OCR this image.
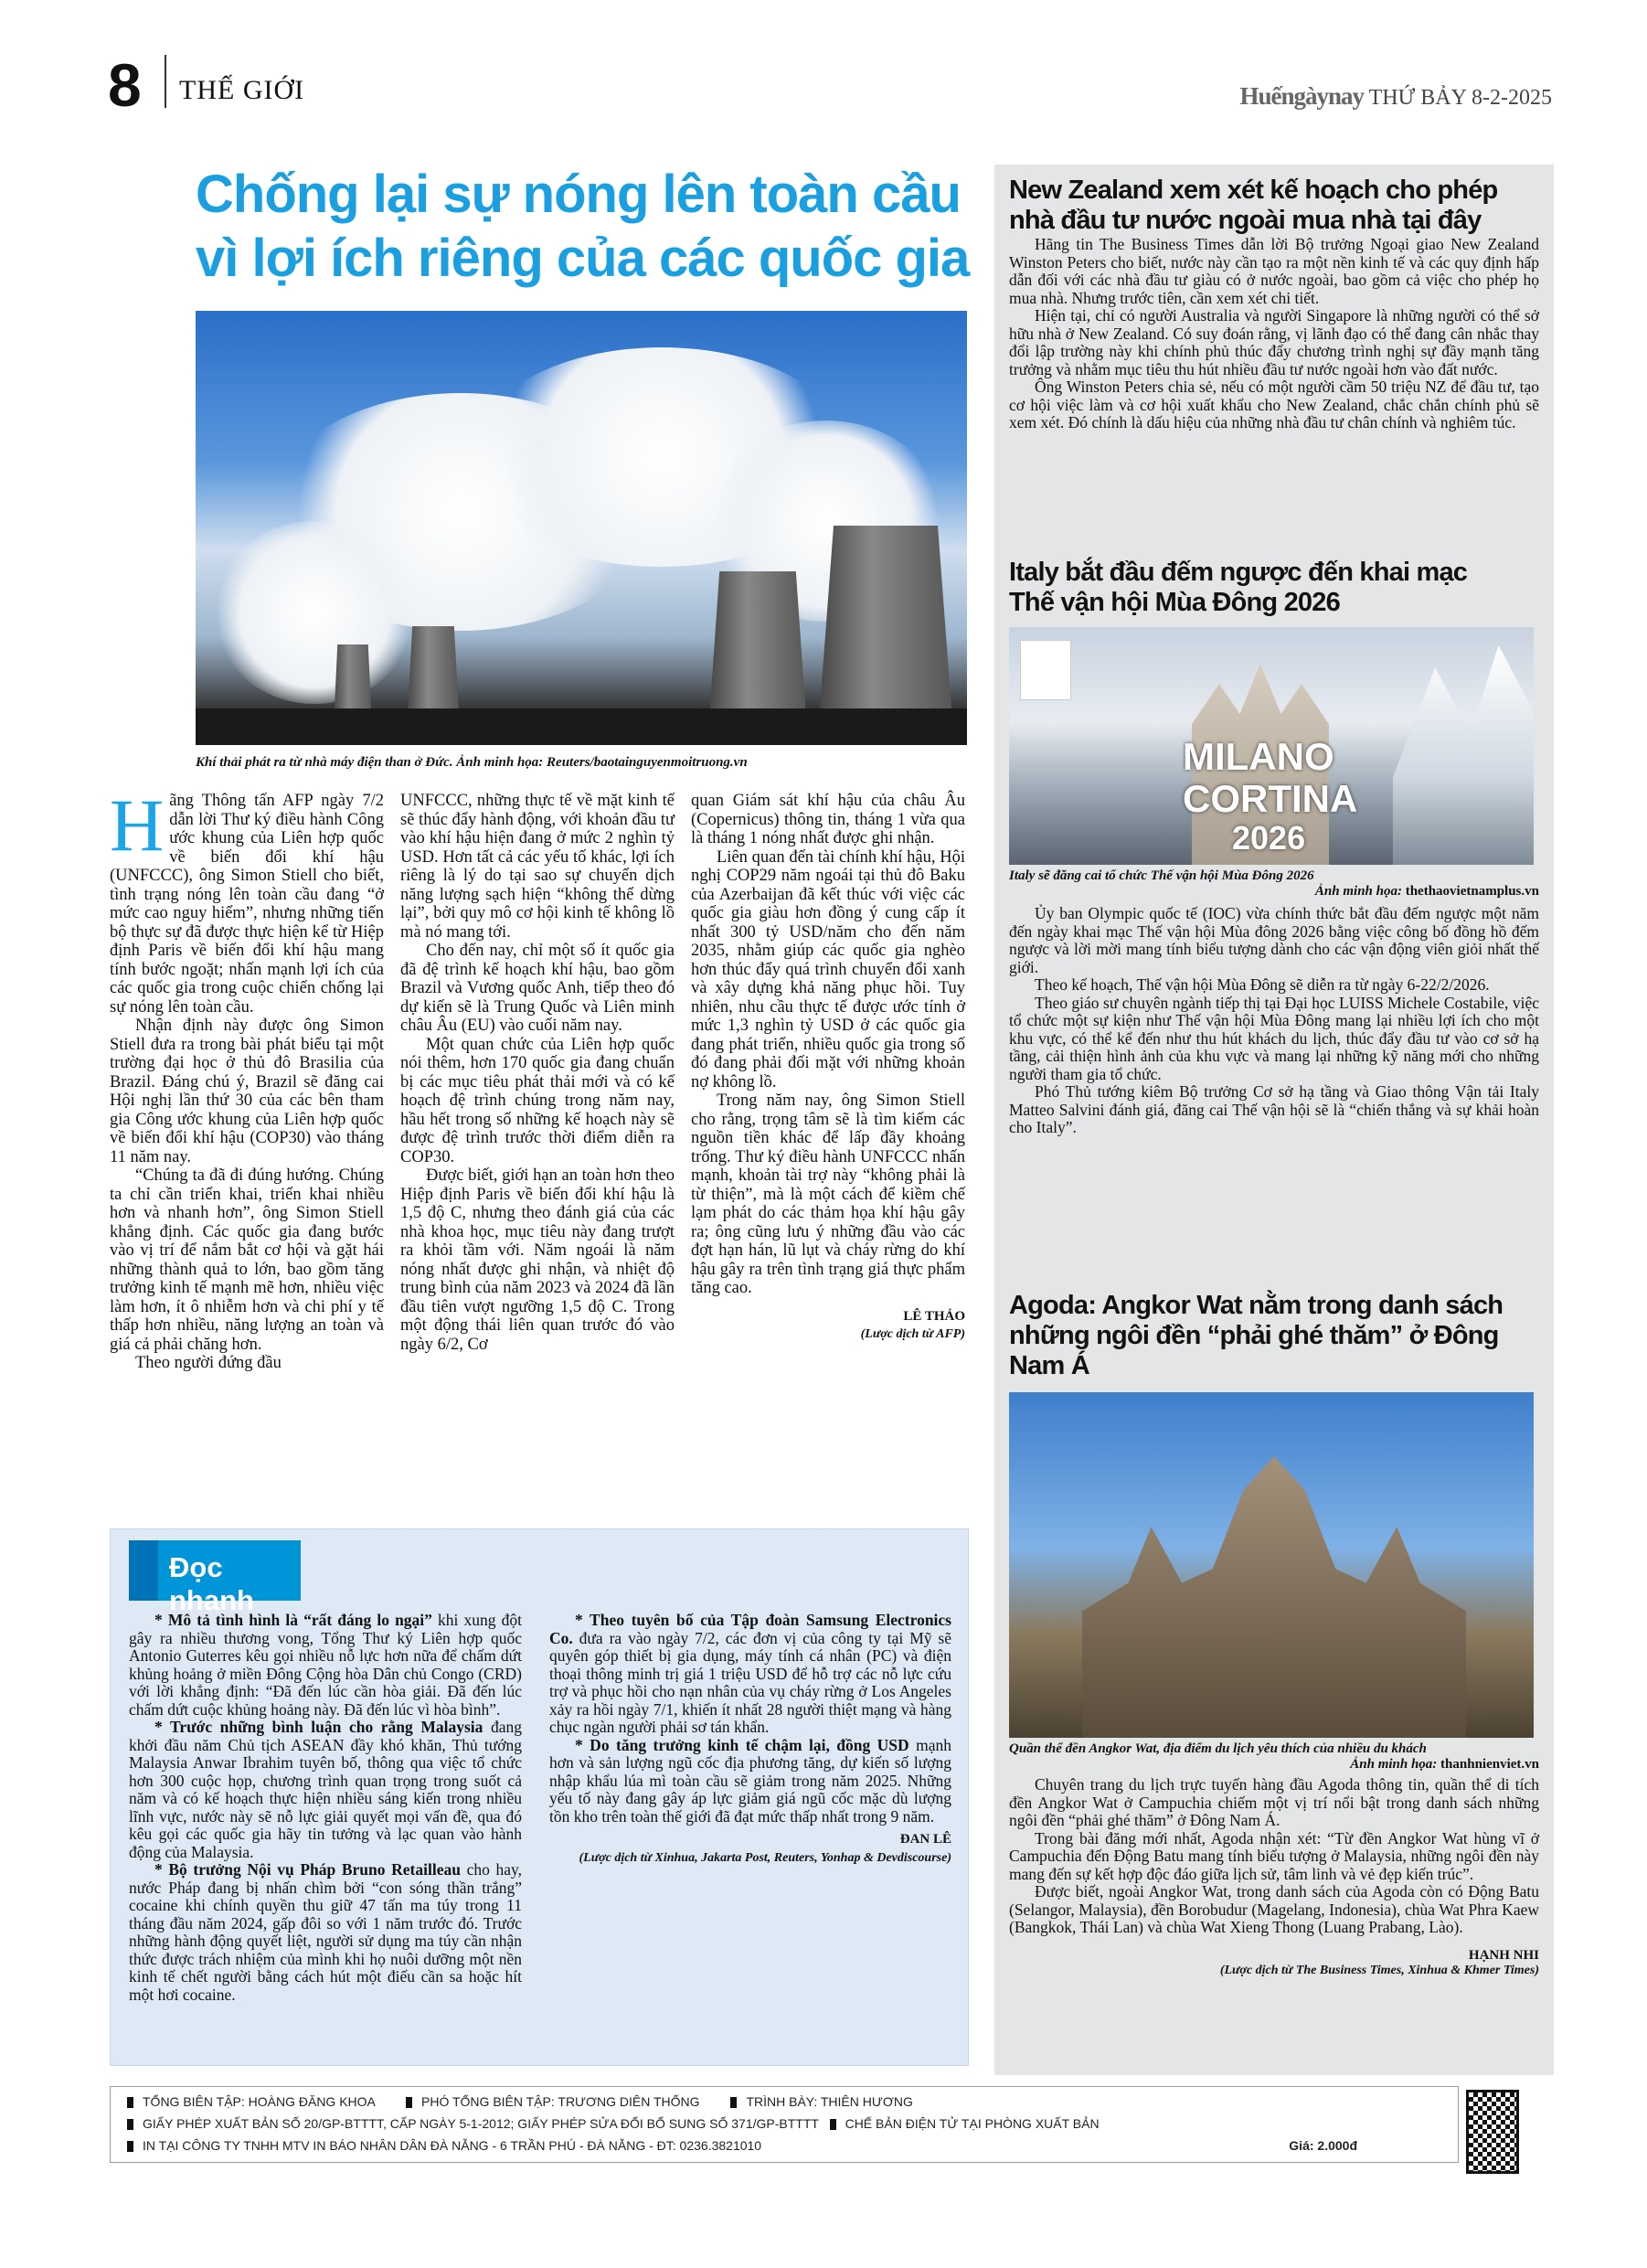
8 THẾ GIỚI	Huếngàynay THỨ BẢY 8-2-2025
Chống lại sự nóng lên toàn cầu
vì lợi ích riêng của các quốc gia
Khí thải phát ra từ nhà máy điện than ở Đức. Ảnh minh họa: Reuters/baotainguyenmoitruong.vn
H ãng Thông tấn AFP ngày 7/2 dẫn lời Thư ký điều hành Công ước khung của Liên hợp quốc về biến đổi khí hậu (UNFCCC), ông Simon Stiell cho biết, tình trạng nóng lên toàn cầu đang “ở mức cao nguy hiểm”, nhưng những tiến bộ thực sự đã được thực hiện kể từ Hiệp định Paris về biến đổi khí hậu mang tính bước ngoặt; nhấn mạnh lợi ích của các quốc gia trong cuộc chiến chống lại sự nóng lên toàn cầu.

Nhận định này được ông Simon Stiell đưa ra trong bài phát biểu tại một trường đại học ở thủ đô Brasilia của Brazil. Đáng chú ý, Brazil sẽ đăng cai Hội nghị lần thứ 30 của các bên tham gia Công ước khung của Liên hợp quốc về biến đổi khí hậu (COP30) vào tháng 11 năm nay.

“Chúng ta đã đi đúng hướng. Chúng ta chỉ cần triển khai, triển khai nhiều hơn và nhanh hơn”, ông Simon Stiell khẳng định. Các quốc gia đang bước vào vị trí để nắm bắt cơ hội và gặt hái những thành quả to lớn, bao gồm tăng trưởng kinh tế mạnh mẽ hơn, nhiều việc làm hơn, ít ô nhiễm hơn và chi phí y tế thấp hơn nhiều, năng lượng an toàn và giá cả phải chăng hơn.

Theo người đứng đầu

UNFCCC, những thực tế về mặt kinh tế sẽ thúc đẩy hành động, với khoản đầu tư vào khí hậu hiện đang ở mức 2 nghìn tỷ USD. Hơn tất cả các yếu tố khác, lợi ích riêng là lý do tại sao sự chuyển dịch năng lượng sạch hiện “không thể dừng lại”, bởi quy mô cơ hội kinh tế không lồ mà nó mang tới.

Cho đến nay, chỉ một số ít quốc gia đã đệ trình kế hoạch khí hậu, bao gồm Brazil và Vương quốc Anh, tiếp theo đó dự kiến sẽ là Trung Quốc và Liên minh châu Âu (EU) vào cuối năm nay.

Một quan chức của Liên hợp quốc nói thêm, hơn 170 quốc gia đang chuẩn bị các mục tiêu phát thải mới và có kế hoạch đệ trình chúng trong năm nay, hầu hết trong số những kế hoạch này sẽ được đệ trình trước thời điểm diễn ra COP30.

Được biết, giới hạn an toàn hơn theo Hiệp định Paris về biến đổi khí hậu là 1,5 độ C, nhưng theo đánh giá của các nhà khoa học, mục tiêu này đang trượt ra khỏi tầm với. Năm ngoái là năm nóng nhất được ghi nhận, và nhiệt độ trung bình của năm 2023 và 2024 đã lần đầu tiên vượt ngưỡng 1,5 độ C. Trong một động thái liên quan trước đó vào ngày 6/2, Cơ

quan Giám sát khí hậu của châu Âu (Copernicus) thông tin, tháng 1 vừa qua là tháng 1 nóng nhất được ghi nhận.

Liên quan đến tài chính khí hậu, Hội nghị COP29 năm ngoái tại thủ đô Baku của Azerbaijan đã kết thúc với việc các quốc gia giàu hơn đồng ý cung cấp ít nhất 300 tỷ USD/năm cho đến năm 2035, nhằm giúp các quốc gia nghèo hơn thúc đẩy quá trình chuyển đổi xanh và xây dựng khả năng phục hồi. Tuy nhiên, nhu cầu thực tế được ước tính ở mức 1,3 nghìn tỷ USD ở các quốc gia đang phát triển, nhiều quốc gia trong số đó đang phải đối mặt với những khoản nợ không lồ.

Trong năm nay, ông Simon Stiell cho rằng, trọng tâm sẽ là tìm kiếm các nguồn tiền khác để lấp đầy khoảng trống. Thư ký điều hành UNFCCC nhấn mạnh, khoản tài trợ này “không phải là từ thiện”, mà là một cách để kiềm chế lạm phát do các thảm họa khí hậu gây ra; ông cũng lưu ý những đầu vào các đợt hạn hán, lũ lụt và cháy rừng do khí hậu gây ra trên tình trạng giá thực phẩm tăng cao.

LÊ THẢO
(Lược dịch từ AFP)
Đọc nhanh

* Mô tả tình hình là “rất đáng lo ngại” khi xung đột gây ra nhiều thương vong, Tổng Thư ký Liên hợp quốc Antonio Guterres kêu gọi nhiều nỗ lực hơn nữa để chấm dứt khủng hoảng ở miền Đông Cộng hòa Dân chủ Congo (CRD) với lời khẳng định: “Đã đến lúc cần hòa giải. Đã đến lúc chấm dứt cuộc khủng hoảng này. Đã đến lúc vì hòa bình”.

* Trước những bình luận cho rằng Malaysia đang khởi đầu năm Chủ tịch ASEAN đầy khó khăn, Thủ tướng Malaysia Anwar Ibrahim tuyên bố, thông qua việc tổ chức hơn 300 cuộc họp, chương trình quan trọng trong suốt cả năm và có kế hoạch thực hiện nhiều sáng kiến trong nhiều lĩnh vực, nước này sẽ nỗ lực giải quyết mọi vấn đề, qua đó kêu gọi các quốc gia hãy tin tưởng và lạc quan vào hành động của Malaysia.

* Bộ trưởng Nội vụ Pháp Bruno Retailleau cho hay, nước Pháp đang bị nhấn chìm bởi “con sóng thần trắng” cocaine khi chính quyền thu giữ 47 tấn ma túy trong 11 tháng đầu năm 2024, gấp đôi so với 1 năm trước đó. Trước những hành động quyết liệt, người sử dụng ma túy cần nhận thức được trách nhiệm của mình khi họ nuôi dưỡng một nền kinh tế chết người bằng cách hút một điếu cần sa hoặc hít một hơi cocaine.

* Theo tuyên bố của Tập đoàn Samsung Electronics Co. đưa ra vào ngày 7/2, các đơn vị của công ty tại Mỹ sẽ quyên góp thiết bị gia dụng, máy tính cá nhân (PC) và điện thoại thông minh trị giá 1 triệu USD để hỗ trợ các nỗ lực cứu trợ và phục hồi cho nạn nhân của vụ cháy rừng ở Los Angeles xảy ra hồi ngày 7/1, khiến ít nhất 28 người thiệt mạng và hàng chục ngàn người phải sơ tán khẩn.

* Do tăng trưởng kinh tế chậm lại, đồng USD mạnh hơn và sản lượng ngũ cốc địa phương tăng, dự kiến số lượng nhập khẩu lúa mì toàn cầu sẽ giảm trong năm 2025. Những yếu tố này đang gây áp lực giảm giá ngũ cốc mặc dù lượng tồn kho trên toàn thế giới đã đạt mức thấp nhất trong 9 năm.

ĐAN LÊ
(Lược dịch từ Xinhua, Jakarta Post, Reuters, Yonhap & Devdiscourse)
New Zealand xem xét kế hoạch cho phép
nhà đầu tư nước ngoài mua nhà tại đây

Hãng tin The Business Times dẫn lời Bộ trưởng Ngoại giao New Zealand Winston Peters cho biết, nước này cần tạo ra một nền kinh tế và các quy định hấp dẫn đối với các nhà đầu tư giàu có ở nước ngoài, bao gồm cả việc cho phép họ mua nhà. Nhưng trước tiên, cần xem xét chi tiết.

Hiện tại, chỉ có người Australia và người Singapore là những người có thể sở hữu nhà ở New Zealand. Có suy đoán rằng, vị lãnh đạo có thể đang cân nhắc thay đổi lập trường này khi chính phủ thúc đẩy chương trình nghị sự đầy mạnh tăng trưởng và nhằm mục tiêu thu hút nhiều đầu tư nước ngoài hơn vào đất nước.

Ông Winston Peters chia sẻ, nếu có một người cầm 50 triệu NZ để đầu tư, tạo cơ hội việc làm và cơ hội xuất khẩu cho New Zealand, chắc chắn chính phủ sẽ xem xét. Đó chính là dấu hiệu của những nhà đầu tư chân chính và nghiêm túc.

Italy bắt đầu đếm ngược đến khai mạc
Thế vận hội Mùa Đông 2026
MILANO
CORTINA
2026
Italy sẽ đăng cai tổ chức Thế vận hội Mùa Đông 2026
Ảnh minh họa: thethaovietnamplus.vn

Ủy ban Olympic quốc tế (IOC) vừa chính thức bắt đầu đếm ngược một năm đến ngày khai mạc Thế vận hội Mùa đông 2026 bằng việc công bố đồng hồ đếm ngược và lời mời mang tính biểu tượng dành cho các vận động viên giỏi nhất thế giới.

Theo kế hoạch, Thế vận hội Mùa Đông sẽ diễn ra từ ngày 6-22/2/2026.

Theo giáo sư chuyên ngành tiếp thị tại Đại học LUISS Michele Costabile, việc tổ chức một sự kiện như Thế vận hội Mùa Đông mang lại nhiều lợi ích cho một khu vực, có thể kể đến như thu hút khách du lịch, thúc đẩy đầu tư vào cơ sở hạ tầng, cải thiện hình ảnh của khu vực và mang lại những kỹ năng mới cho những người tham gia tổ chức.

Phó Thủ tướng kiêm Bộ trưởng Cơ sở hạ tầng và Giao thông Vận tải Italy Matteo Salvini đánh giá, đăng cai Thế vận hội sẽ là “chiến thắng và sự khải hoàn cho Italy”.

Agoda: Angkor Wat nằm trong danh sách
những ngôi đền “phải ghé thăm” ở Đông Nam Á
Quần thể đền Angkor Wat, địa điểm du lịch yêu thích của nhiều du khách
Ảnh minh họa: thanhnienviet.vn

Chuyên trang du lịch trực tuyến hàng đầu Agoda thông tin, quần thể di tích đền Angkor Wat ở Campuchia chiếm một vị trí nổi bật trong danh sách những ngôi đền “phải ghé thăm” ở Đông Nam Á.

Trong bài đăng mới nhất, Agoda nhận xét: “Từ đền Angkor Wat hùng vĩ ở Campuchia đến Động Batu mang tính biểu tượng ở Malaysia, những ngôi đền này mang đến sự kết hợp độc đáo giữa lịch sử, tâm linh và vẻ đẹp kiến trúc”.

Được biết, ngoài Angkor Wat, trong danh sách của Agoda còn có Động Batu (Selangor, Malaysia), đền Borobudur (Magelang, Indonesia), chùa Wat Phra Kaew (Bangkok, Thái Lan) và chùa Wat Xieng Thong (Luang Prabang, Lào).

HẠNH NHI
(Lược dịch từ The Business Times, Xinhua & Khmer Times)
TỔNG BIÊN TẬP: HOÀNG ĐĂNG KHOA	PHÓ TỔNG BIÊN TẬP: TRƯƠNG DIÊN THỐNG	TRÌNH BÀY: THIÊN HƯƠNG
GIẤY PHÉP XUẤT BẢN SỐ 20/GP-BTTTT, CẤP NGÀY 5-1-2012; GIẤY PHÉP SỬA ĐỔI BỔ SUNG SỐ 371/GP-BTTTT CHẾ BẢN ĐIỆN TỬ TẠI PHÒNG XUẤT BẢN
IN TẠI CÔNG TY TNHH MTV IN BÁO NHÂN DÂN ĐÀ NẴNG - 6 TRẦN PHÚ - ĐÀ NẴNG - ĐT: 0236.3821010	Giá: 2.000đ
